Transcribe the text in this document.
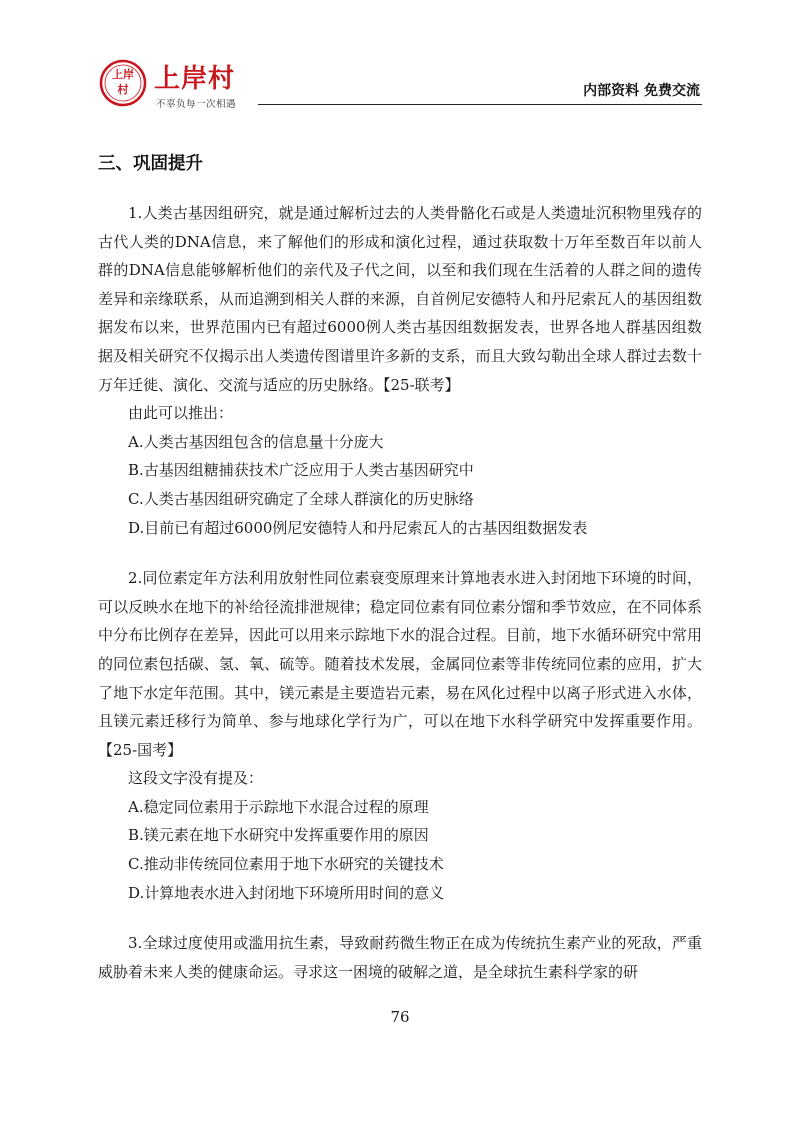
上岸
村 上岸村
不辜负每一次相遇
内部资料 免费交流
三、巩固提升

1.人类古基因组研究，就是通过解析过去的人类骨骼化石或是人类遗址沉积物里残存的古代人类的DNA信息，来了解他们的形成和演化过程，通过获取数十万年至数百年以前人群的DNA信息能够解析他们的亲代及子代之间，以至和我们现在生活着的人群之间的遗传差异和亲缘联系，从而追溯到相关人群的来源，自首例尼安德特人和丹尼索瓦人的基因组数据发布以来，世界范围内已有超过6000例人类古基因组数据发表，世界各地人群基因组数据及相关研究不仅揭示出人类遗传图谱里许多新的支系，而且大致勾勒出全球人群过去数十万年迁徙、演化、交流与适应的历史脉络。【25-联考】

由此可以推出：

A.人类古基因组包含的信息量十分庞大

B.古基因组糖捕获技术广泛应用于人类古基因研究中

C.人类古基因组研究确定了全球人群演化的历史脉络

D.目前已有超过6000例尼安德特人和丹尼索瓦人的古基因组数据发表

2.同位素定年方法利用放射性同位素衰变原理来计算地表水进入封闭地下环境的时间，可以反映水在地下的补给径流排泄规律；稳定同位素有同位素分馏和季节效应，在不同体系中分布比例存在差异，因此可以用来示踪地下水的混合过程。目前，地下水循环研究中常用的同位素包括碳、氢、氧、硫等。随着技术发展，金属同位素等非传统同位素的应用，扩大了地下水定年范围。其中，镁元素是主要造岩元素，易在风化过程中以离子形式进入水体，且镁元素迁移行为简单、参与地球化学行为广，可以在地下水科学研究中发挥重要作用。【25-国考】

这段文字没有提及：

A.稳定同位素用于示踪地下水混合过程的原理

B.镁元素在地下水研究中发挥重要作用的原因

C.推动非传统同位素用于地下水研究的关键技术

D.计算地表水进入封闭地下环境所用时间的意义

3.全球过度使用或滥用抗生素，导致耐药微生物正在成为传统抗生素产业的死敌，严重威胁着未来人类的健康命运。寻求这一困境的破解之道，是全球抗生素科学家的研

76
